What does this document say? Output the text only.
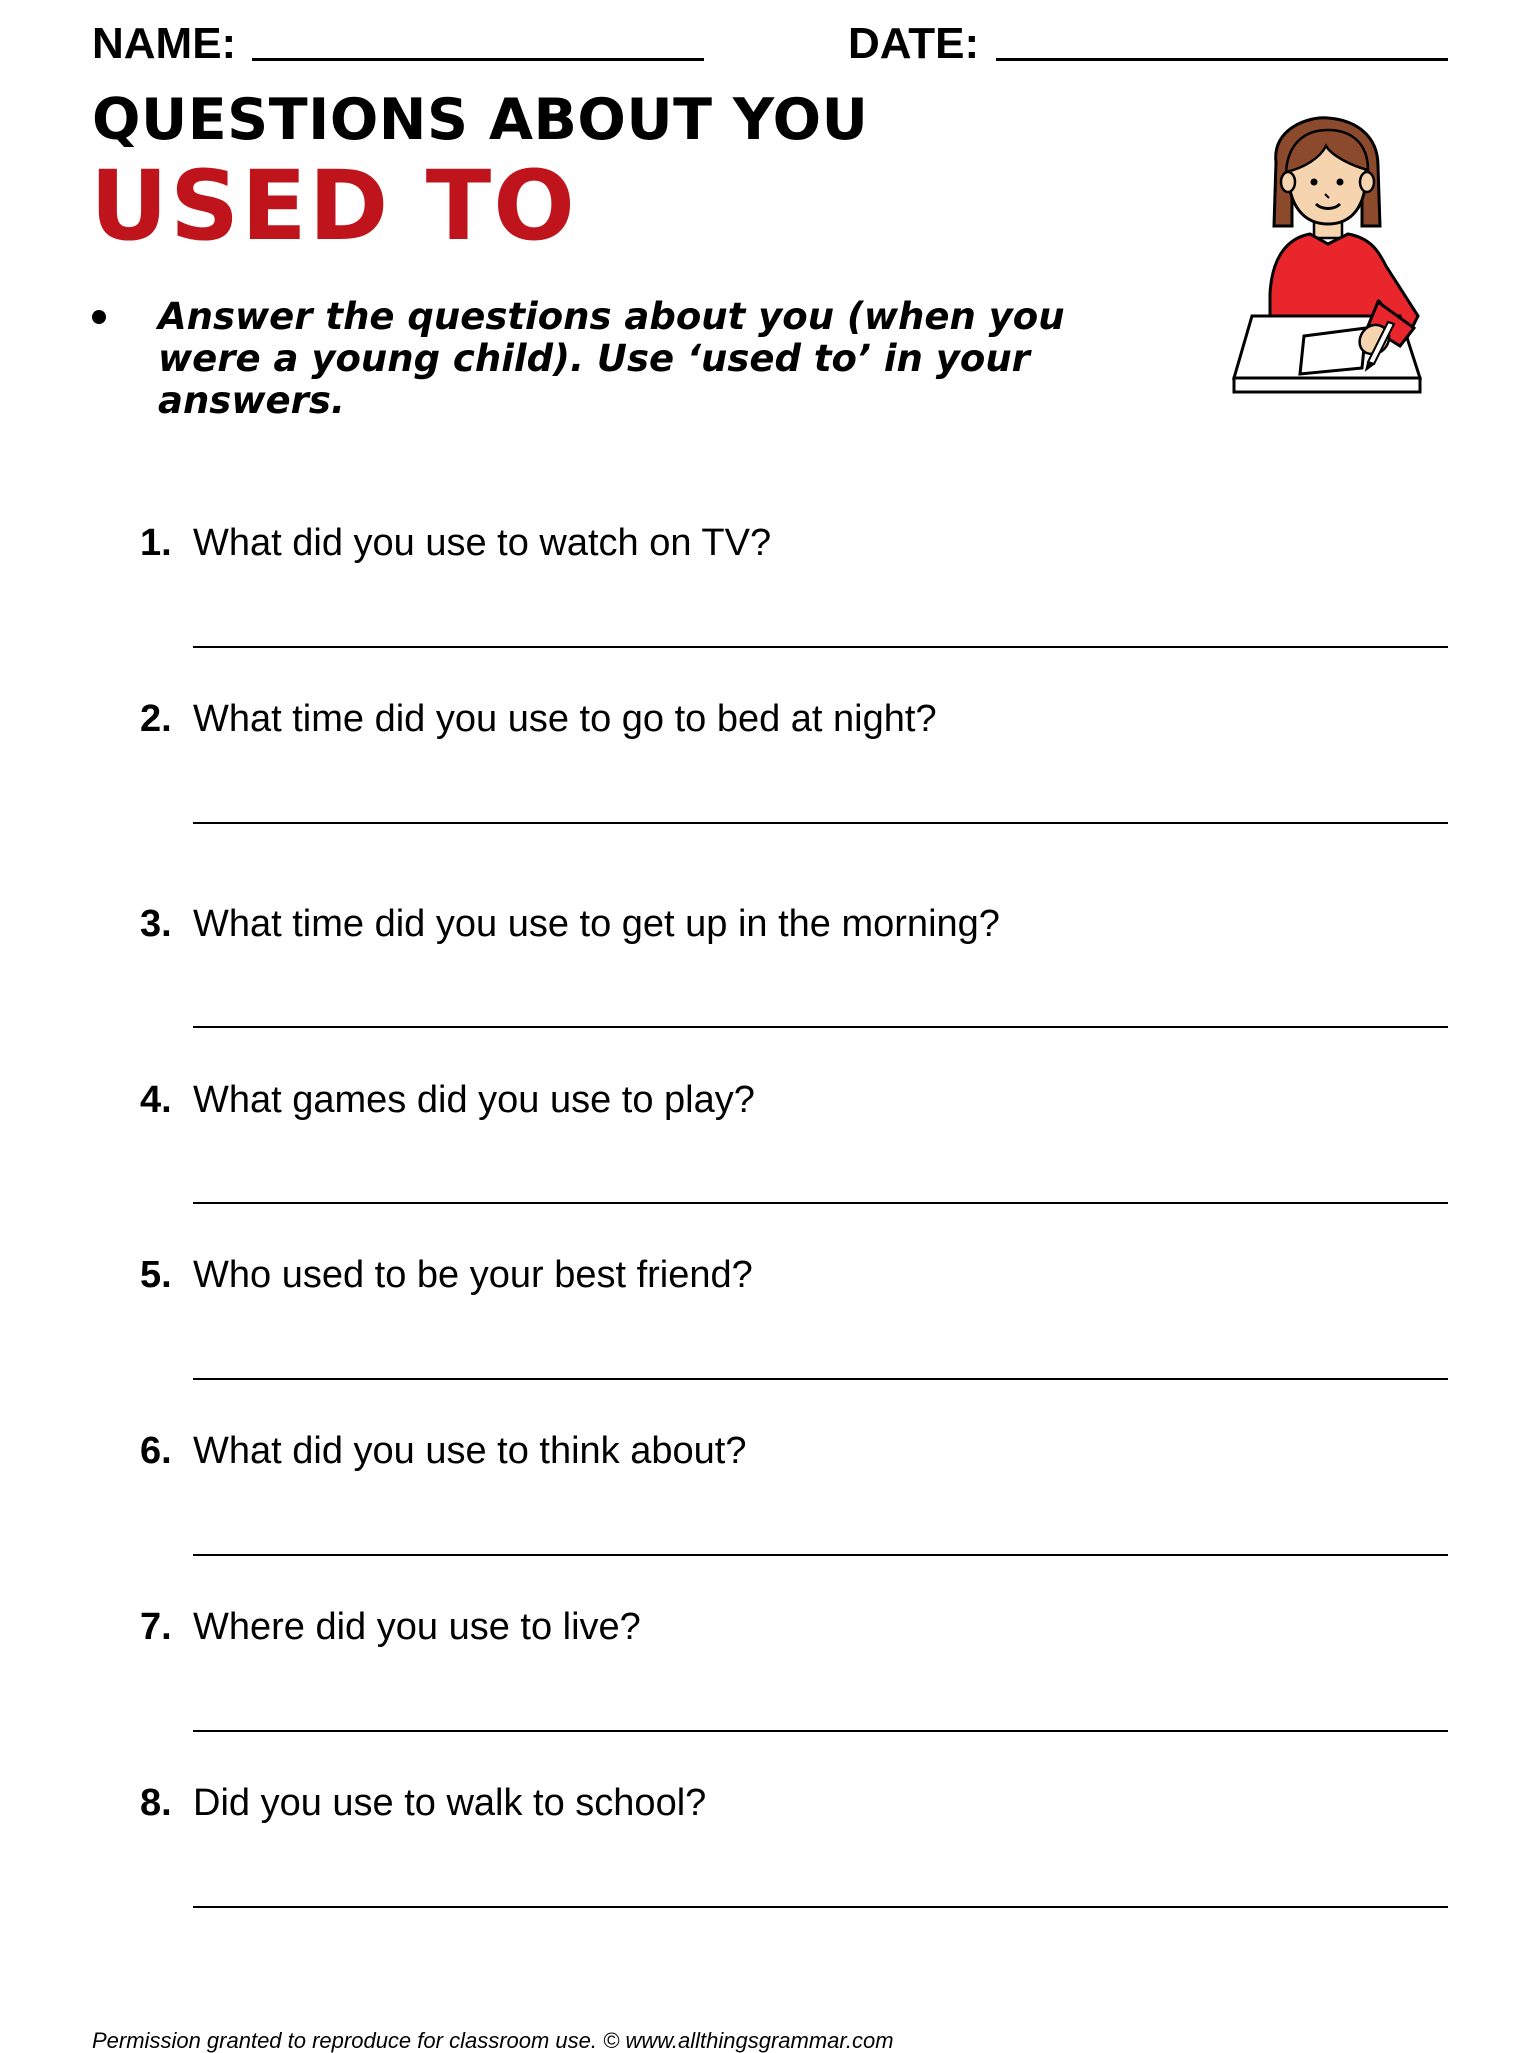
NAME:	DATE:
QUESTIONS ABOUT YOU
USED TO
Answer the questions about you (when you were a young child). Use ‘used to’ in your answers.
1. What did you use to watch on TV?
2. What time did you use to go to bed at night?
3. What time did you use to get up in the morning?
4. What games did you use to play?
5. Who used to be your best friend?
6. What did you use to think about?
7. Where did you use to live?
8. Did you use to walk to school?
Permission granted to reproduce for classroom use. © www.allthingsgrammar.com
